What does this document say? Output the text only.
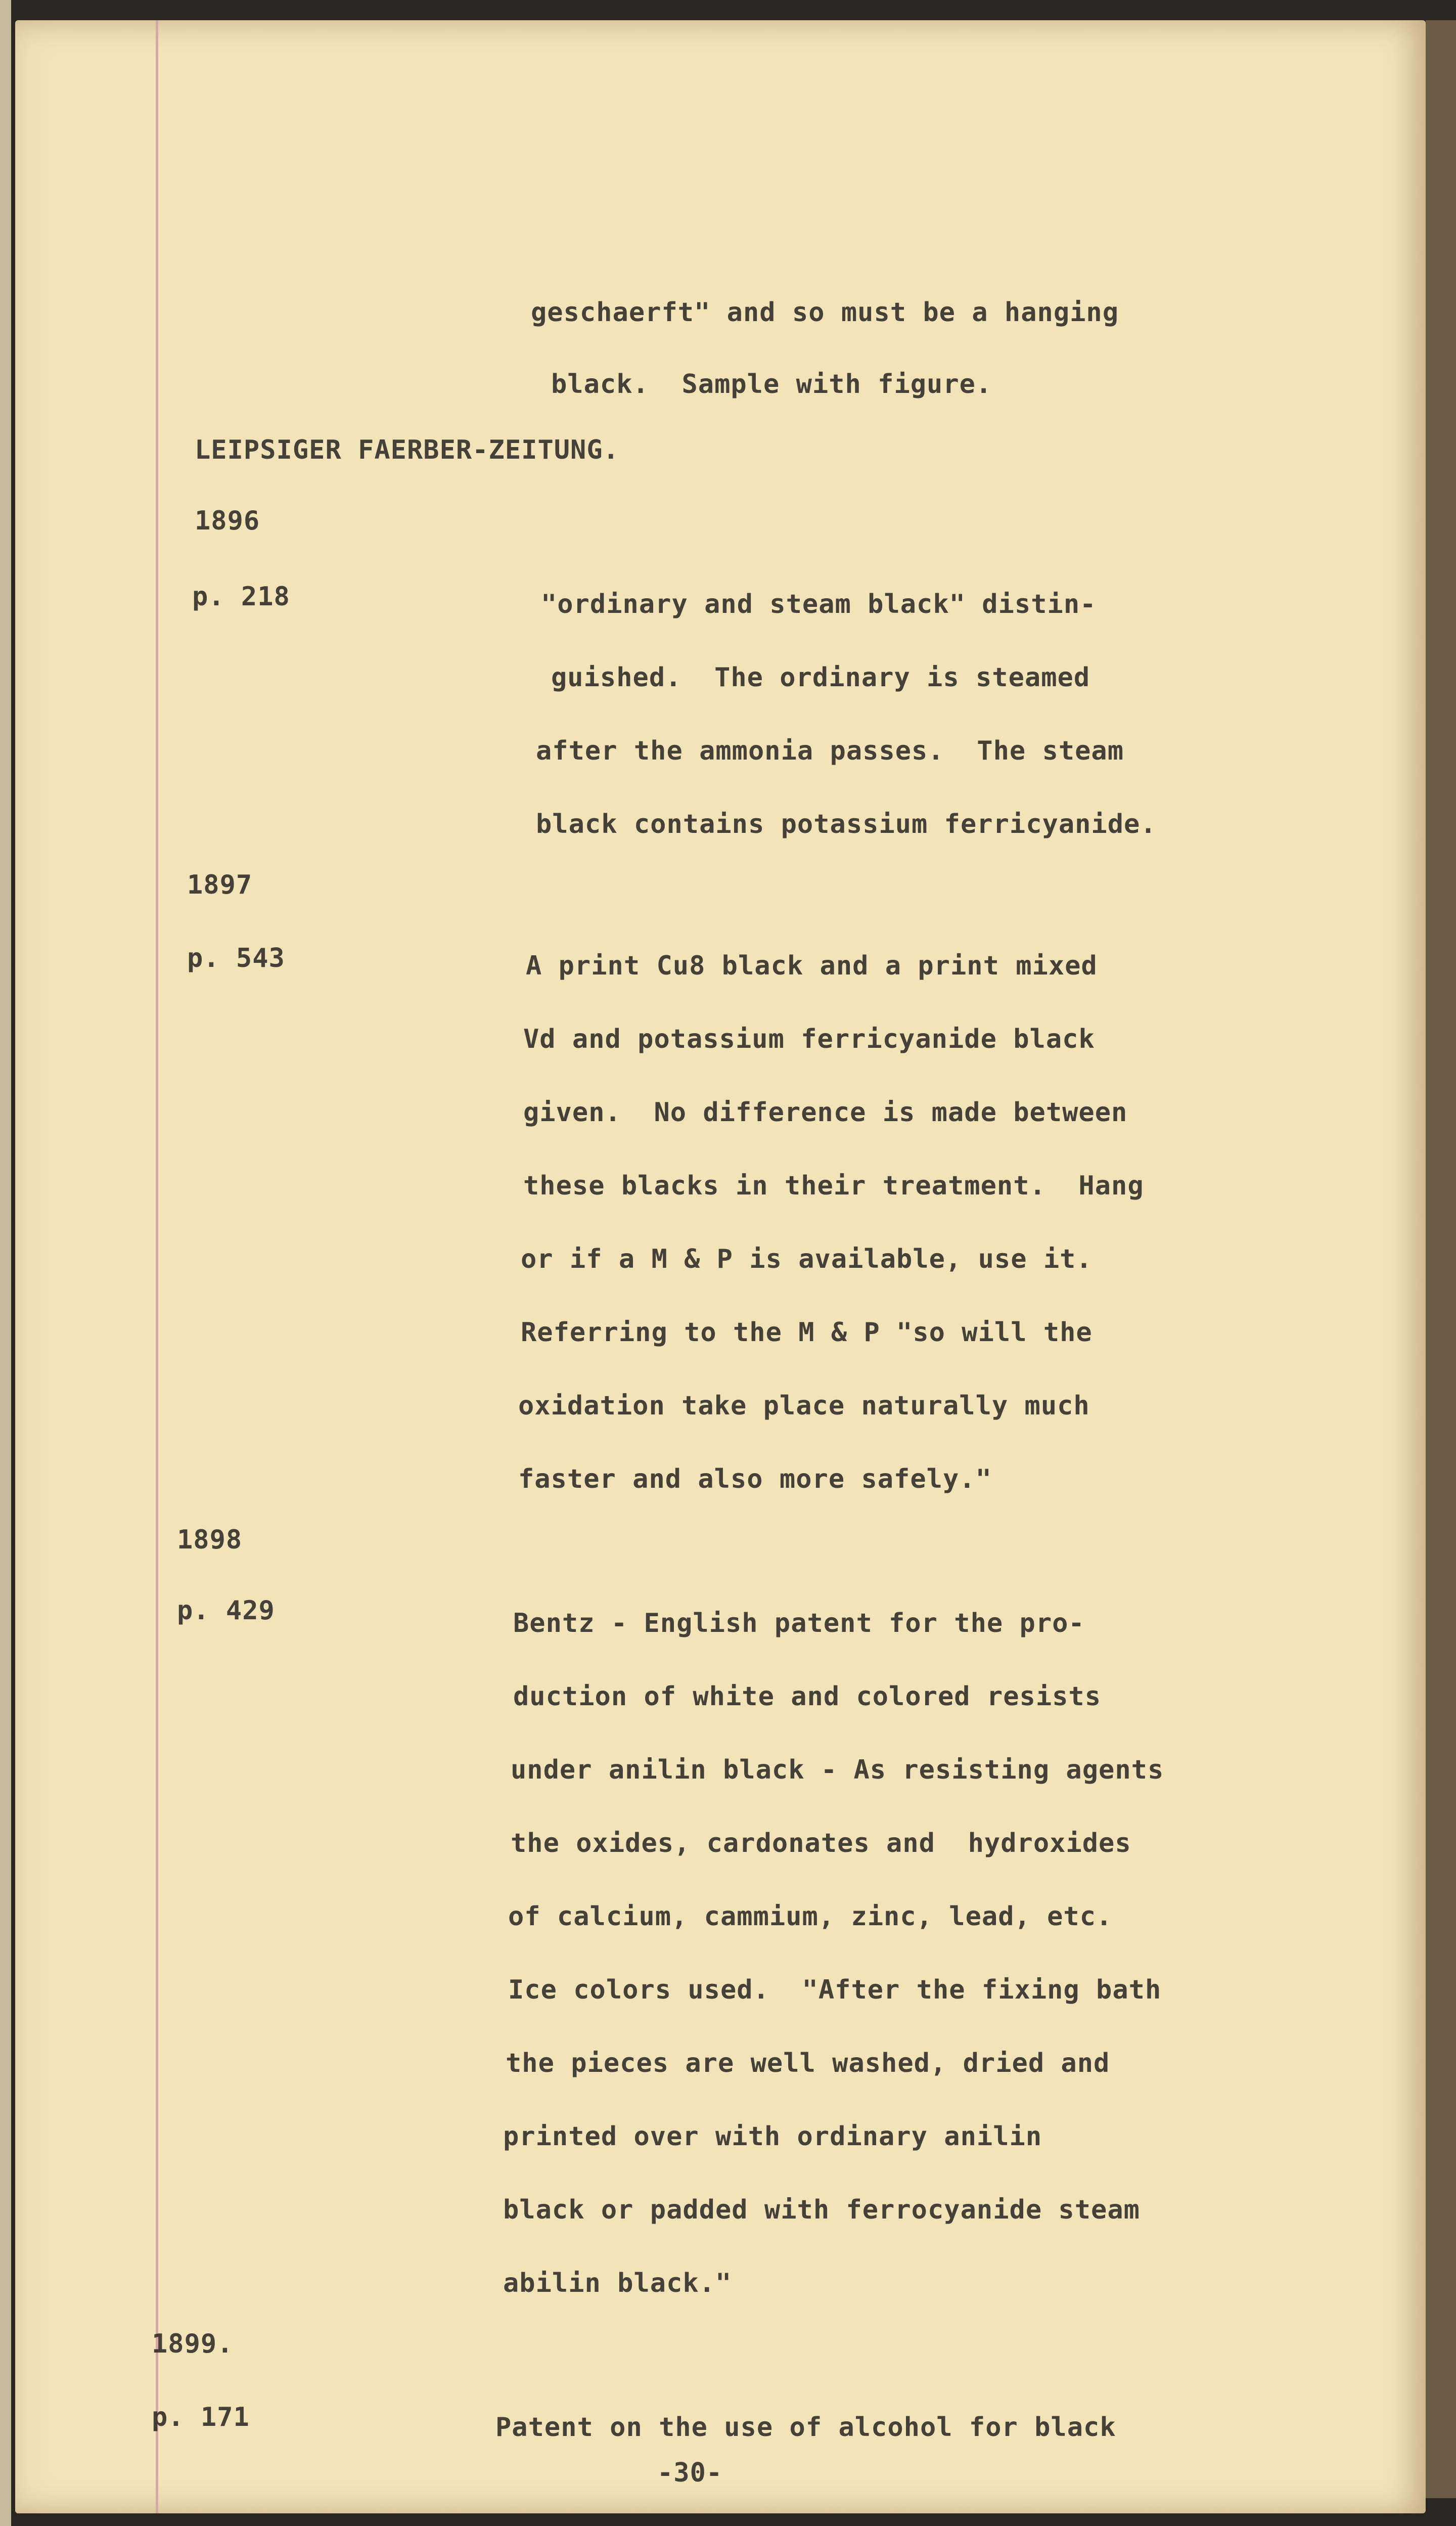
geschaerft" and so must be a hanging
black.  Sample with figure.
LEIPSIGER FAERBER-ZEITUNG.
1896
p. 218	"ordinary and steam black" distin-
guished.  The ordinary is steamed
after the ammonia passes.  The steam
black contains potassium ferricyanide.
1897
p. 543	A print Cu8 black and a print mixed
Vd and potassium ferricyanide black
given.  No difference is made between
these blacks in their treatment.  Hang
or if a M & P is available, use it.
Referring to the M & P "so will the
oxidation take place naturally much
faster and also more safely."
1898
p. 429	Bentz - English patent for the pro-
duction of white and colored resists
under anilin black - As resisting agents
the oxides, cardonates and  hydroxides
of calcium, cammium, zinc, lead, etc.
Ice colors used.  "After the fixing bath
the pieces are well washed, dried and
printed over with ordinary anilin
black or padded with ferrocyanide steam
abilin black."
1899.
p. 171	Patent on the use of alcohol for black
-30-
